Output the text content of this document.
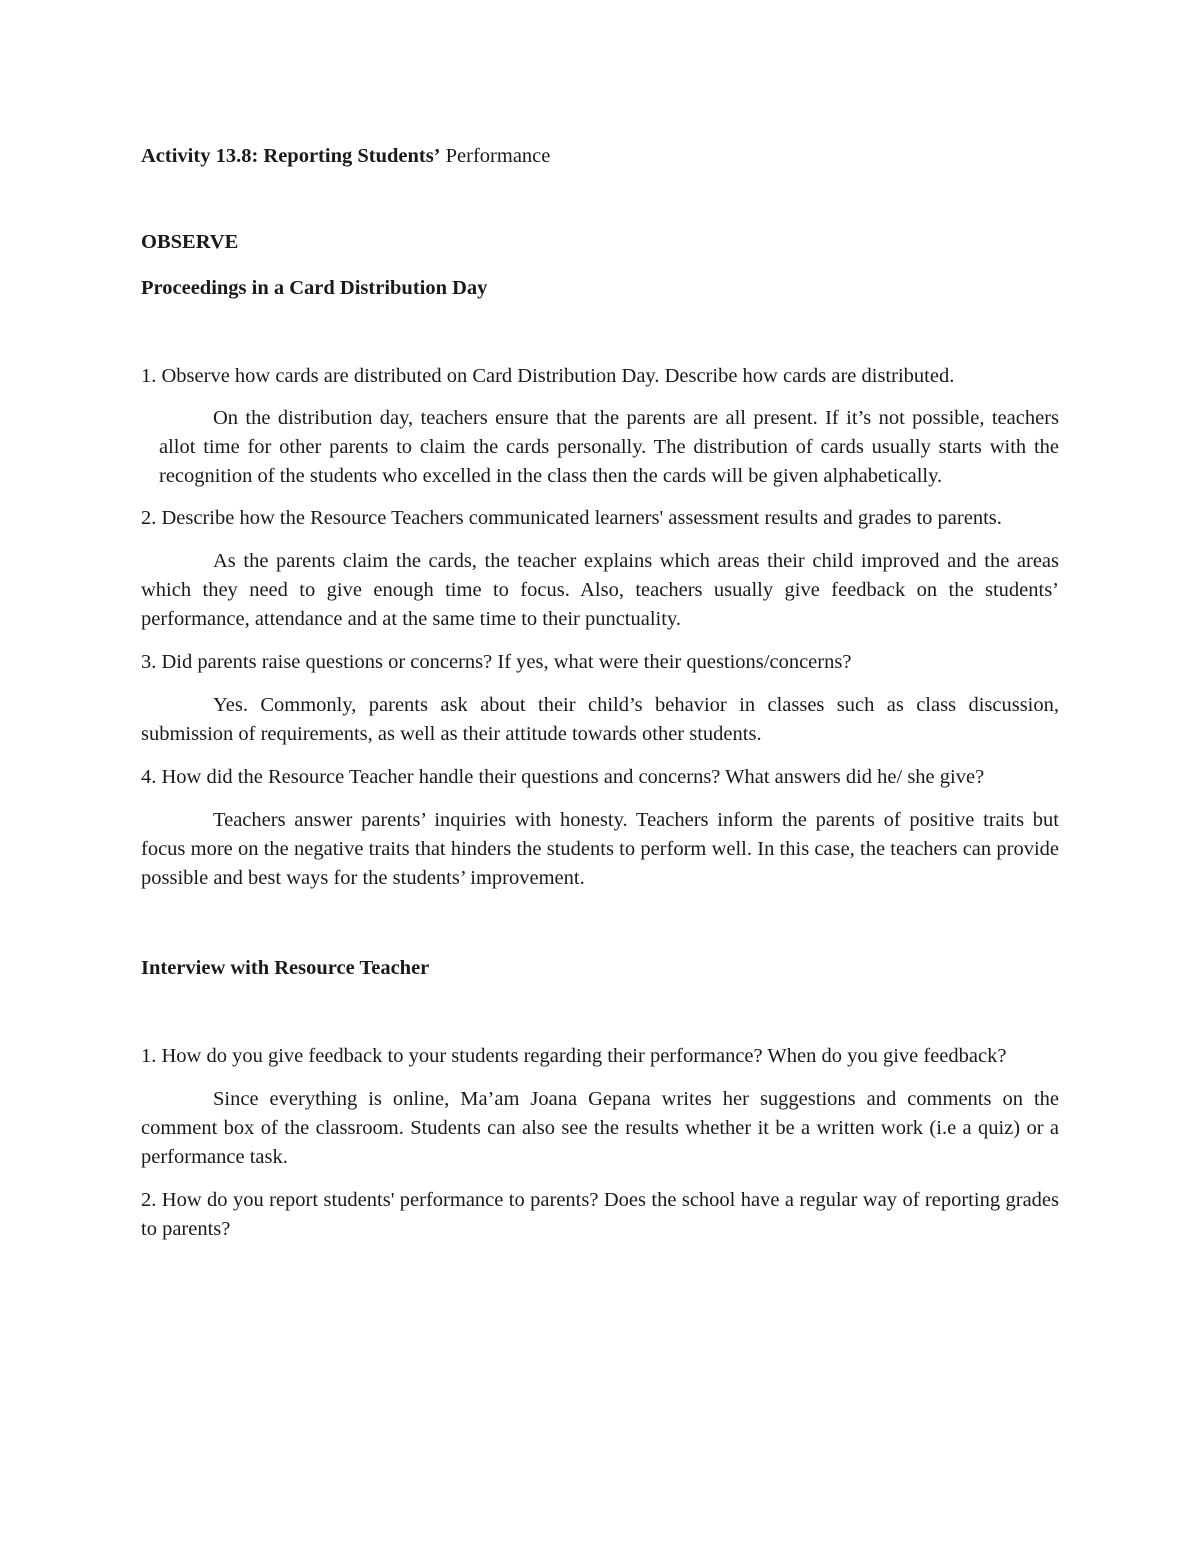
Activity 13.8: Reporting Students’ Performance

OBSERVE

Proceedings in a Card Distribution Day

1. Observe how cards are distributed on Card Distribution Day. Describe how cards are distributed.

On the distribution day, teachers ensure that the parents are all present. If it’s not possible, teachers allot time for other parents to claim the cards personally. The distribution of cards usually starts with the recognition of the students who excelled in the class then the cards will be given alphabetically.

2. Describe how the Resource Teachers communicated learners' assessment results and grades to parents.

As the parents claim the cards, the teacher explains which areas their child improved and the areas which they need to give enough time to focus. Also, teachers usually give feedback on the students’ performance, attendance and at the same time to their punctuality.

3. Did parents raise questions or concerns? If yes, what were their questions/concerns?

Yes. Commonly, parents ask about their child’s behavior in classes such as class discussion, submission of requirements, as well as their attitude towards other students.

4. How did the Resource Teacher handle their questions and concerns? What answers did he/ she give?

Teachers answer parents’ inquiries with honesty. Teachers inform the parents of positive traits but focus more on the negative traits that hinders the students to perform well. In this case, the teachers can provide possible and best ways for the students’ improvement.

Interview with Resource Teacher

1. How do you give feedback to your students regarding their performance? When do you give feedback?

Since everything is online, Ma’am Joana Gepana writes her suggestions and comments on the comment box of the classroom. Students can also see the results whether it be a written work (i.e a quiz) or a performance task.

2. How do you report students' performance to parents? Does the school have a regular way of reporting grades to parents?
